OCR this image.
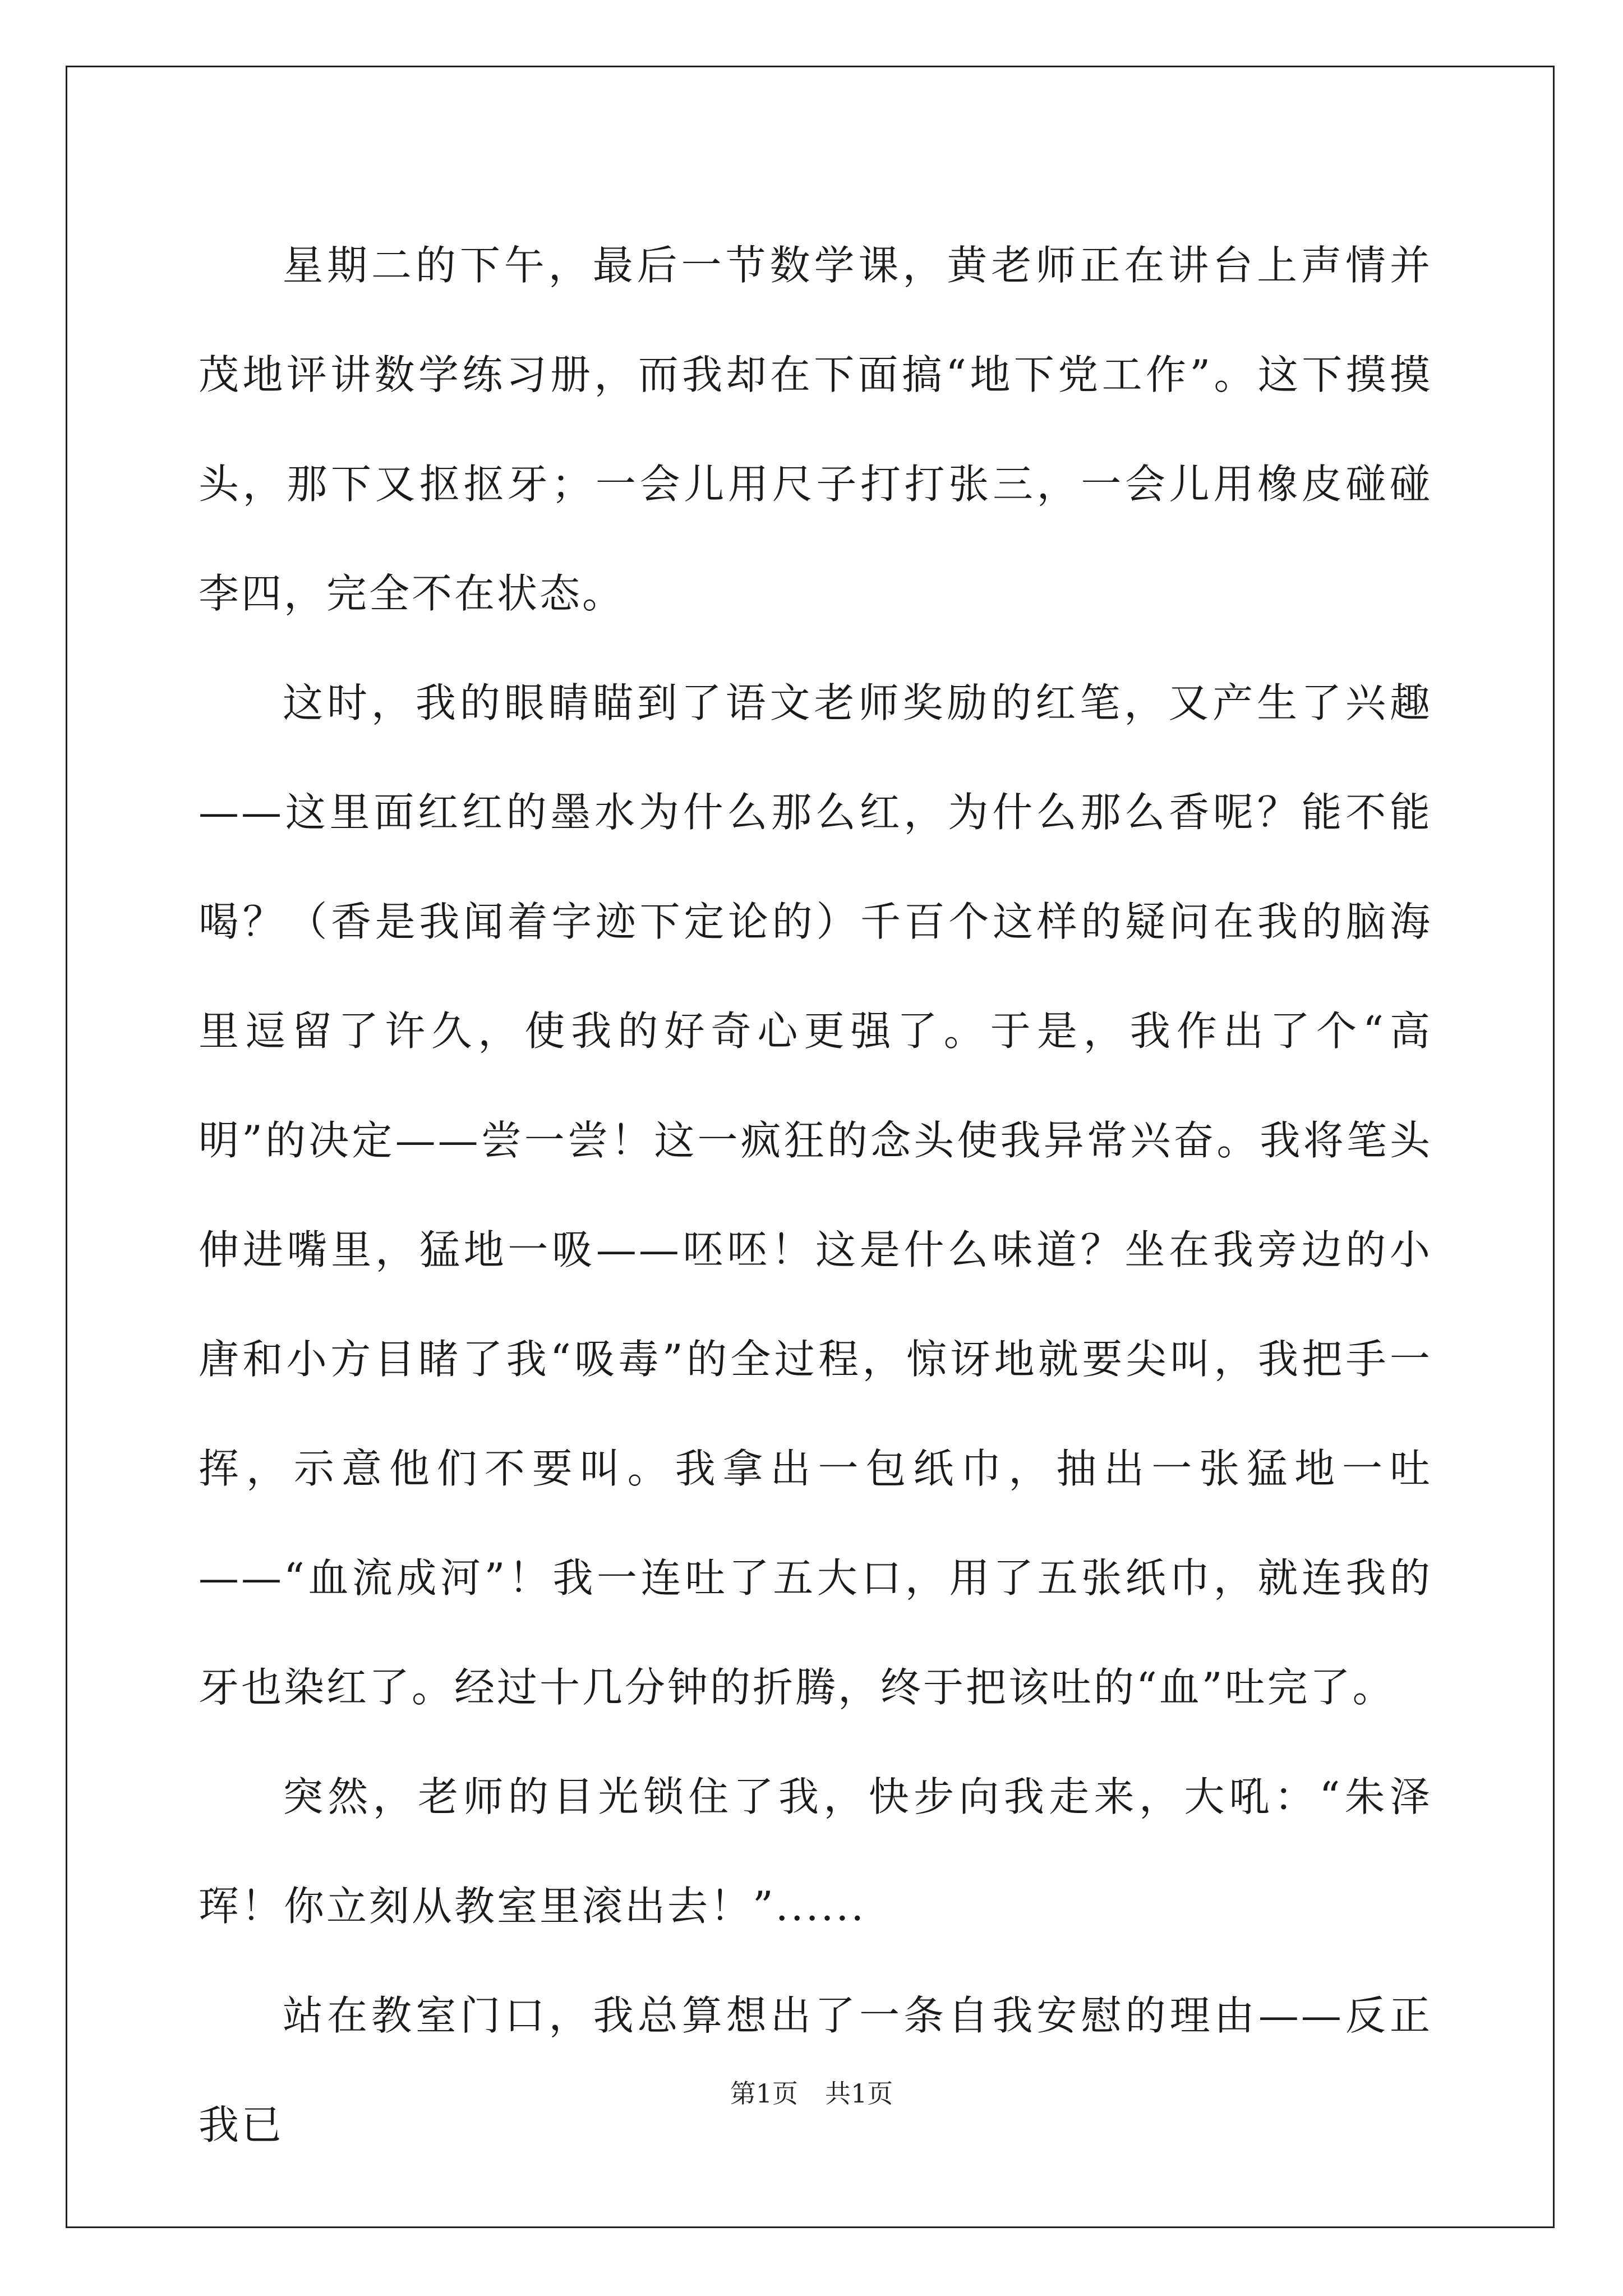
星期二的下午，最后一节数学课，黄老师正在讲台上声情并茂地评讲数学练习册，而我却在下面搞“地下党工作”。这下摸摸头，那下又抠抠牙；一会儿用尺子打打张三，一会儿用橡皮碰碰李四，完全不在状态。

这时，我的眼睛瞄到了语文老师奖励的红笔，又产生了兴趣——这里面红红的墨水为什么那么红，为什么那么香呢？能不能喝？（香是我闻着字迹下定论的）千百个这样的疑问在我的脑海里逗留了许久，使我的好奇心更强了。于是，我作出了个“高明”的决定——尝一尝！这一疯狂的念头使我异常兴奋。我将笔头伸进嘴里，猛地一吸——呸呸！这是什么味道？坐在我旁边的小唐和小方目睹了我“吸毒”的全过程，惊讶地就要尖叫，我把手一挥，示意他们不要叫。我拿出一包纸巾，抽出一张猛地一吐——“血流成河”！我一连吐了五大口，用了五张纸巾，就连我的牙也染红了。经过十几分钟的折腾，终于把该吐的“血”吐完了。

突然，老师的目光锁住了我，快步向我走来，大吼：“朱泽珲！你立刻从教室里滚出去！”......

站在教室门口，我总算想出了一条自我安慰的理由——反正我已

第1页 共1页
